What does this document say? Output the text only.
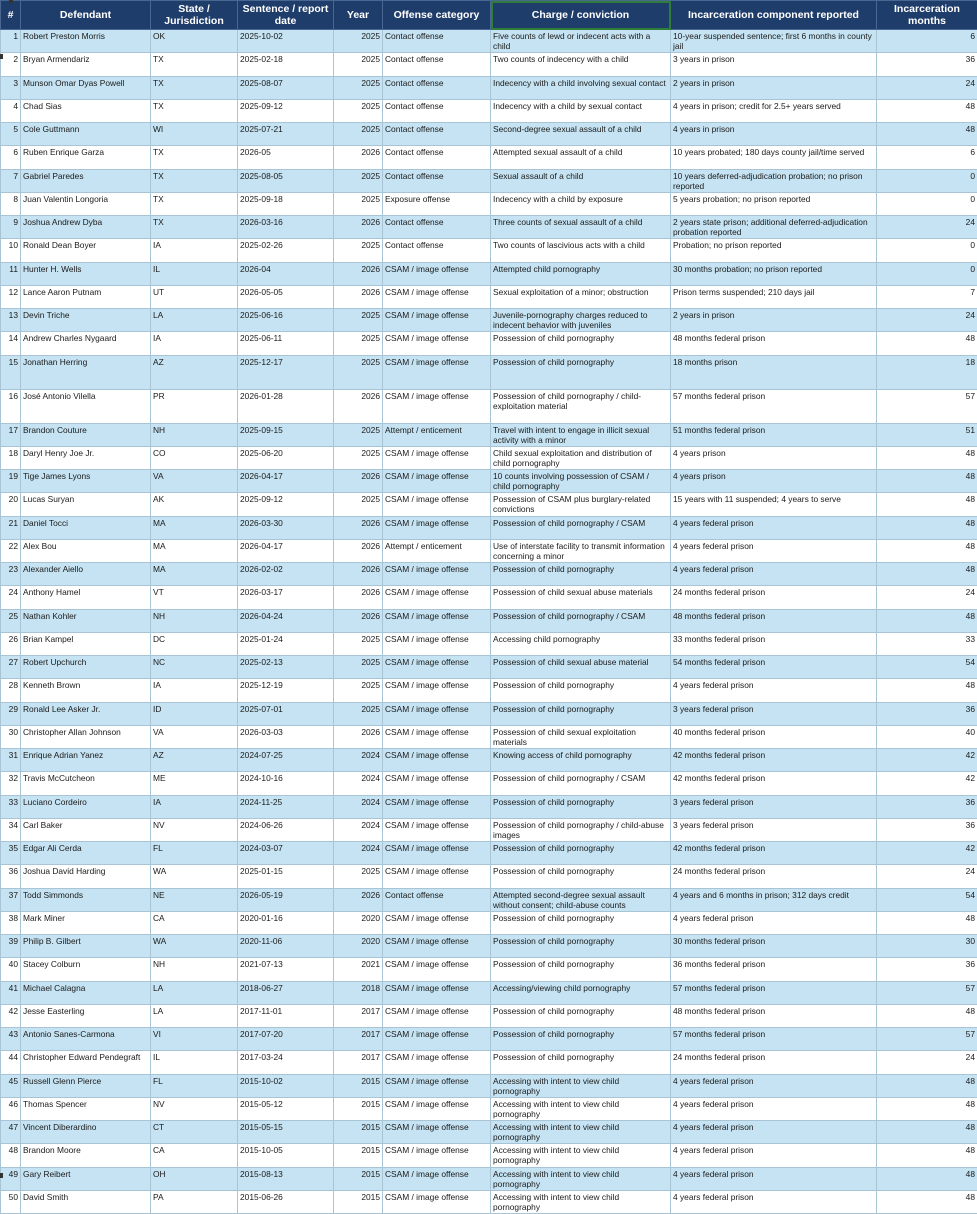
#	Defendant	State / Jurisdiction	Sentence / report date	Year	Offense category	Charge / conviction	Incarceration component reported	Incarceration months
1	Robert Preston Morris	OK	2025-10-02	2025	Contact offense	Five counts of lewd or indecent acts with a child	10-year suspended sentence; first 6 months in county jail	6
2	Bryan Armendariz	TX	2025-02-18	2025	Contact offense	Two counts of indecency with a child	3 years in prison	36
3	Munson Omar Dyas Powell	TX	2025-08-07	2025	Contact offense	Indecency with a child involving sexual contact	2 years in prison	24
4	Chad Sias	TX	2025-09-12	2025	Contact offense	Indecency with a child by sexual contact	4 years in prison; credit for 2.5+ years served	48
5	Cole Guttmann	WI	2025-07-21	2025	Contact offense	Second-degree sexual assault of a child	4 years in prison	48
6	Ruben Enrique Garza	TX	2026-05	2026	Contact offense	Attempted sexual assault of a child	10 years probated; 180 days county jail/time served	6
7	Gabriel Paredes	TX	2025-08-05	2025	Contact offense	Sexual assault of a child	10 years deferred-adjudication probation; no prison reported	0
8	Juan Valentin Longoria	TX	2025-09-18	2025	Exposure offense	Indecency with a child by exposure	5 years probation; no prison reported	0
9	Joshua Andrew Dyba	TX	2026-03-16	2026	Contact offense	Three counts of sexual assault of a child	2 years state prison; additional deferred-adjudication probation reported	24
10	Ronald Dean Boyer	IA	2025-02-26	2025	Contact offense	Two counts of lascivious acts with a child	Probation; no prison reported	0
11	Hunter H. Wells	IL	2026-04	2026	CSAM / image offense	Attempted child pornography	30 months probation; no prison reported	0
12	Lance Aaron Putnam	UT	2026-05-05	2026	CSAM / image offense	Sexual exploitation of a minor; obstruction	Prison terms suspended; 210 days jail	7
13	Devin Triche	LA	2025-06-16	2025	CSAM / image offense	Juvenile-pornography charges reduced to indecent behavior with juveniles	2 years in prison	24
14	Andrew Charles Nygaard	IA	2025-06-11	2025	CSAM / image offense	Possession of child pornography	48 months federal prison	48
15	Jonathan Herring	AZ	2025-12-17	2025	CSAM / image offense	Possession of child pornography	18 months prison	18
16	José Antonio Vilella	PR	2026-01-28	2026	CSAM / image offense	Possession of child pornography / child-exploitation material	57 months federal prison	57
17	Brandon Couture	NH	2025-09-15	2025	Attempt / enticement	Travel with intent to engage in illicit sexual activity with a minor	51 months federal prison	51
18	Daryl Henry Joe Jr.	CO	2025-06-20	2025	CSAM / image offense	Child sexual exploitation and distribution of child pornography	4 years prison	48
19	Tige James Lyons	VA	2026-04-17	2026	CSAM / image offense	10 counts involving possession of CSAM / child pornography	4 years prison	48
20	Lucas Suryan	AK	2025-09-12	2025	CSAM / image offense	Possession of CSAM plus burglary-related convictions	15 years with 11 suspended; 4 years to serve	48
21	Daniel Tocci	MA	2026-03-30	2026	CSAM / image offense	Possession of child pornography / CSAM	4 years federal prison	48
22	Alex Bou	MA	2026-04-17	2026	Attempt / enticement	Use of interstate facility to transmit information concerning a minor	4 years federal prison	48
23	Alexander Aiello	MA	2026-02-02	2026	CSAM / image offense	Possession of child pornography	4 years federal prison	48
24	Anthony Hamel	VT	2026-03-17	2026	CSAM / image offense	Possession of child sexual abuse materials	24 months federal prison	24
25	Nathan Kohler	NH	2026-04-24	2026	CSAM / image offense	Possession of child pornography / CSAM	48 months federal prison	48
26	Brian Kampel	DC	2025-01-24	2025	CSAM / image offense	Accessing child pornography	33 months federal prison	33
27	Robert Upchurch	NC	2025-02-13	2025	CSAM / image offense	Possession of child sexual abuse material	54 months federal prison	54
28	Kenneth Brown	IA	2025-12-19	2025	CSAM / image offense	Possession of child pornography	4 years federal prison	48
29	Ronald Lee Asker Jr.	ID	2025-07-01	2025	CSAM / image offense	Possession of child pornography	3 years federal prison	36
30	Christopher Allan Johnson	VA	2026-03-03	2026	CSAM / image offense	Possession of child sexual exploitation materials	40 months federal prison	40
31	Enrique Adrian Yanez	AZ	2024-07-25	2024	CSAM / image offense	Knowing access of child pornography	42 months federal prison	42
32	Travis McCutcheon	ME	2024-10-16	2024	CSAM / image offense	Possession of child pornography / CSAM	42 months federal prison	42
33	Luciano Cordeiro	IA	2024-11-25	2024	CSAM / image offense	Possession of child pornography	3 years federal prison	36
34	Carl Baker	NV	2024-06-26	2024	CSAM / image offense	Possession of child pornography / child-abuse images	3 years federal prison	36
35	Edgar Ali Cerda	FL	2024-03-07	2024	CSAM / image offense	Possession of child pornography	42 months federal prison	42
36	Joshua David Harding	WA	2025-01-15	2025	CSAM / image offense	Possession of child pornography	24 months federal prison	24
37	Todd Simmonds	NE	2026-05-19	2026	Contact offense	Attempted second-degree sexual assault without consent; child-abuse counts	4 years and 6 months in prison; 312 days credit	54
38	Mark Miner	CA	2020-01-16	2020	CSAM / image offense	Possession of child pornography	4 years federal prison	48
39	Philip B. Gilbert	WA	2020-11-06	2020	CSAM / image offense	Possession of child pornography	30 months federal prison	30
40	Stacey Colburn	NH	2021-07-13	2021	CSAM / image offense	Possession of child pornography	36 months federal prison	36
41	Michael Calagna	LA	2018-06-27	2018	CSAM / image offense	Accessing/viewing child pornography	57 months federal prison	57
42	Jesse Easterling	LA	2017-11-01	2017	CSAM / image offense	Possession of child pornography	48 months federal prison	48
43	Antonio Sanes-Carmona	VI	2017-07-20	2017	CSAM / image offense	Possession of child pornography	57 months federal prison	57
44	Christopher Edward Pendegraft	IL	2017-03-24	2017	CSAM / image offense	Possession of child pornography	24 months federal prison	24
45	Russell Glenn Pierce	FL	2015-10-02	2015	CSAM / image offense	Accessing with intent to view child pornography	4 years federal prison	48
46	Thomas Spencer	NV	2015-05-12	2015	CSAM / image offense	Accessing with intent to view child pornography	4 years federal prison	48
47	Vincent Diberardino	CT	2015-05-15	2015	CSAM / image offense	Accessing with intent to view child pornography	4 years federal prison	48
48	Brandon Moore	CA	2015-10-05	2015	CSAM / image offense	Accessing with intent to view child pornography	4 years federal prison	48
49	Gary Reibert	OH	2015-08-13	2015	CSAM / image offense	Accessing with intent to view child pornography	4 years federal prison	48
50	David Smith	PA	2015-06-26	2015	CSAM / image offense	Accessing with intent to view child pornography	4 years federal prison	48
